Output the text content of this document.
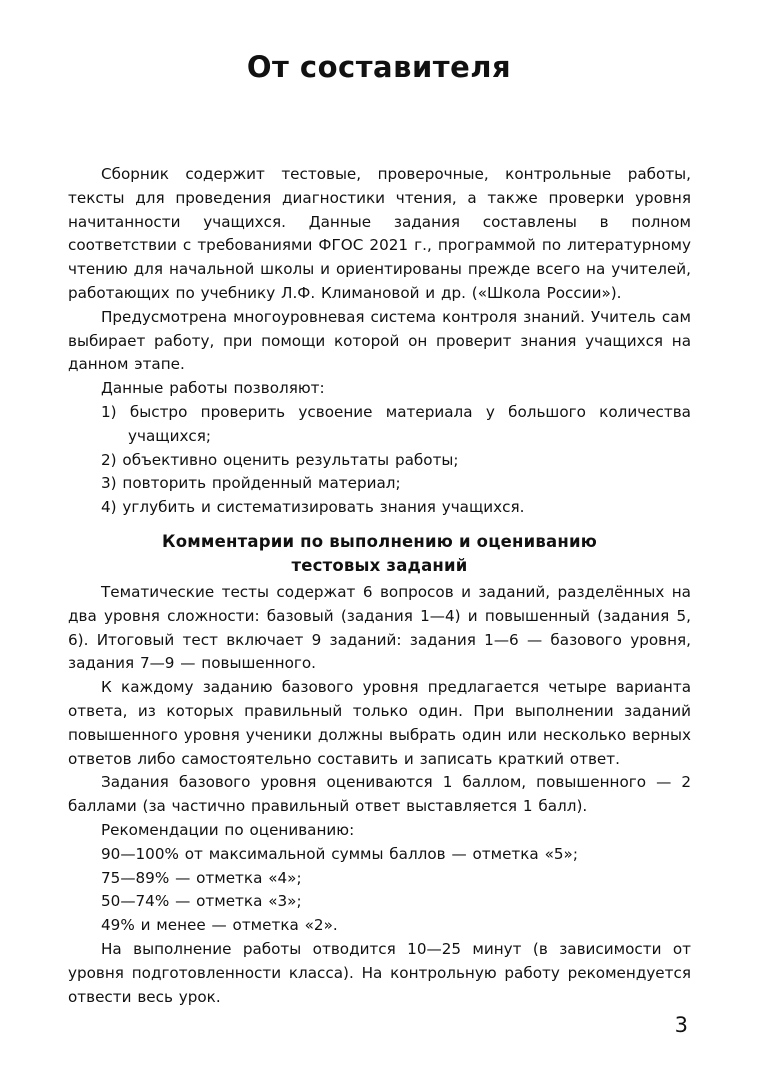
От составителя

Сборник содержит тестовые, проверочные, контрольные работы, тексты для проведения диагностики чтения, а также проверки уровня начитанности учащихся. Данные задания составлены в полном соответствии с требованиями ФГОС 2021 г., программой по литературному чтению для начальной школы и ориентированы прежде всего на учителей, работающих по учебнику Л.Ф. Климановой и др. («Школа России»).

Предусмотрена многоуровневая система контроля знаний. Учитель сам выбирает работу, при помощи которой он проверит знания учащихся на данном этапе.

Данные работы позволяют:

1) быстро проверить усвоение материала у большого количества учащихся;

2) объективно оценить результаты работы;

3) повторить пройденный материал;

4) углубить и систематизировать знания учащихся.

Комментарии по выполнению и оцениванию
тестовых заданий

Тематические тесты содержат 6 вопросов и заданий, разделённых на два уровня сложности: базовый (задания 1—4) и повышенный (задания 5, 6). Итоговый тест включает 9 заданий: задания 1—6 — базового уровня, задания 7—9 — повышенного.

К каждому заданию базового уровня предлагается четыре варианта ответа, из которых правильный только один. При выполнении заданий повышенного уровня ученики должны выбрать один или несколько верных ответов либо самостоятельно составить и записать краткий ответ.

Задания базового уровня оцениваются 1 баллом, повышенного — 2 баллами (за частично правильный ответ выставляется 1 балл).

Рекомендации по оцениванию:

90—100% от максимальной суммы баллов — отметка «5»;

75—89% — отметка «4»;

50—74% — отметка «3»;

49% и менее — отметка «2».

На выполнение работы отводится 10—25 минут (в зависимости от уровня подготовленности класса). На контрольную работу рекомендуется отвести весь урок.

3
